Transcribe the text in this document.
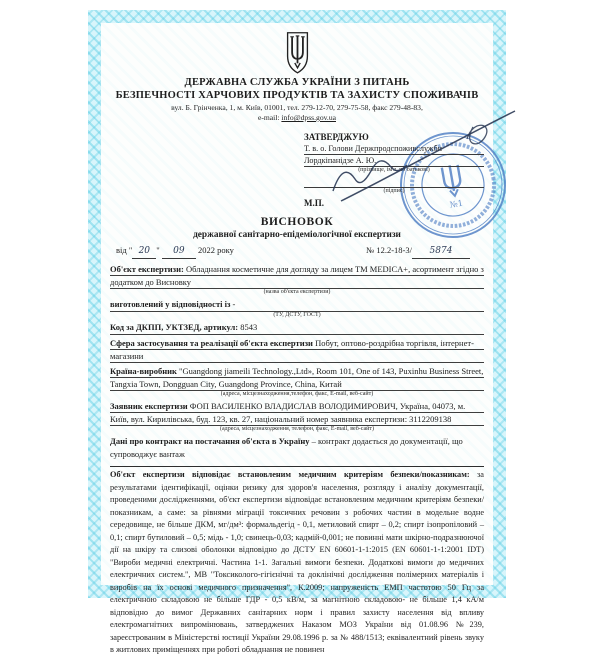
ДЕРЖАВНА СЛУЖБА УКРАЇНИ З ПИТАНЬ
БЕЗПЕЧНОСТІ ХАРЧОВИХ ПРОДУКТІВ ТА ЗАХИСТУ СПОЖИВАЧІВ
вул. Б. Грінченка, 1, м. Київ, 01001, тел. 279-12-70, 279-75-58, факс 279-48-83,
e-mail: info@dpss.gov.ua
ЗАТВЕРДЖУЮ
Т. в. о. Голови Держпродспоживслужби
Лордкіпанідзе А. Ю.
(прізвище, ім'я, по батькові)
(підпис)
М.П.	№1
ВИСНОВОК
державної санітарно-епідеміологічної експертизи
від " 20 " 09 2022 року	№ 12.2-18-3/ 5874
Об'єкт експертизи: Обладнання косметичне для догляду за лицем ТМ MEDICA+, асортимент згідно з додатком до Висновку
(назва об'єкта експертизи)
виготовлений у відповідності із -
(ТУ, ДСТУ, ГОСТ)
Код за ДКПП, УКТЗЕД, артикул: 8543
Сфера застосування та реалізації об'єкта експертизи Побут, оптово-роздрібна торгівля, інтернет-магазини
Країна-виробник "Guangdong jiameili Technology.,Ltd», Room 101, One of 143, Puxinhu Business Street, Tangxia Town, Dongguan City, Guangdong Province, China, Китай
(адреса, місцезнаходження,телефон, факс, E-mail, веб-сайт)
Заявник експертизи ФОП ВАСИЛЕНКО ВЛАДИСЛАВ ВОЛОДИМИРОВИЧ, Україна, 04073, м. Київ, вул. Кирилівська, буд. 123, кв. 27, національний номер заявника експертизи: 3112209138
(адреса, місцезнаходження, телефон, факс, E-mail, веб-сайт)
Дані про контракт на постачання об'єкта в Україну – контракт додається до документації, що супроводжує вантаж

Об'єкт експертизи відповідає встановленим медичним критеріям безпеки/показникам: за результатами ідентифікації, оцінки ризику для здоров'я населення, розгляду і аналізу документації, проведеними дослідженнями, об'єкт експертизи відповідає встановленим медичним критеріям безпеки/показникам, а саме: за рівнями міграції токсичних речовин з робочих частин в модельне водне середовище, не більше ДКМ, мг/дм³: формальдегід - 0,1, метиловий спирт – 0,2; спирт ізопропіловий – 0,1; спирт бутиловий – 0,5; мідь - 1,0; свинець-0,03; кадмій-0,001; не повинні мати шкірно-подразнюючої дії на шкіру та слизові оболонки відповідно до ДСТУ EN 60601-1-1:2015 (EN 60601-1-1:2001 IDT) "Вироби медичні електричні. Частина 1-1. Загальні вимоги безпеки. Додаткові вимоги до медичних електричних систем.", МВ "Токсиколого-гігієнічні та доклінічні дослідження полімерних матеріалів і виробів на їх основі медичного призначення", К.2009; напруженість ЕМП частотою 50 Гц за електричною складовою не більше ГДР - 0,5 кВ/м, за магнітною складовою- не більше 1,4 кА/м відповідно до вимог Державних санітарних норм і правил захисту населення від впливу електромагнітних випромінювань, затверджених Наказом МОЗ України від 01.08.96 №239, зареєстрованим в Міністерстві юстиції України 29.08.1996 р. за № 488/1513; еквівалентний рівень звуку в житлових приміщеннях при роботі обладнання не повинен
